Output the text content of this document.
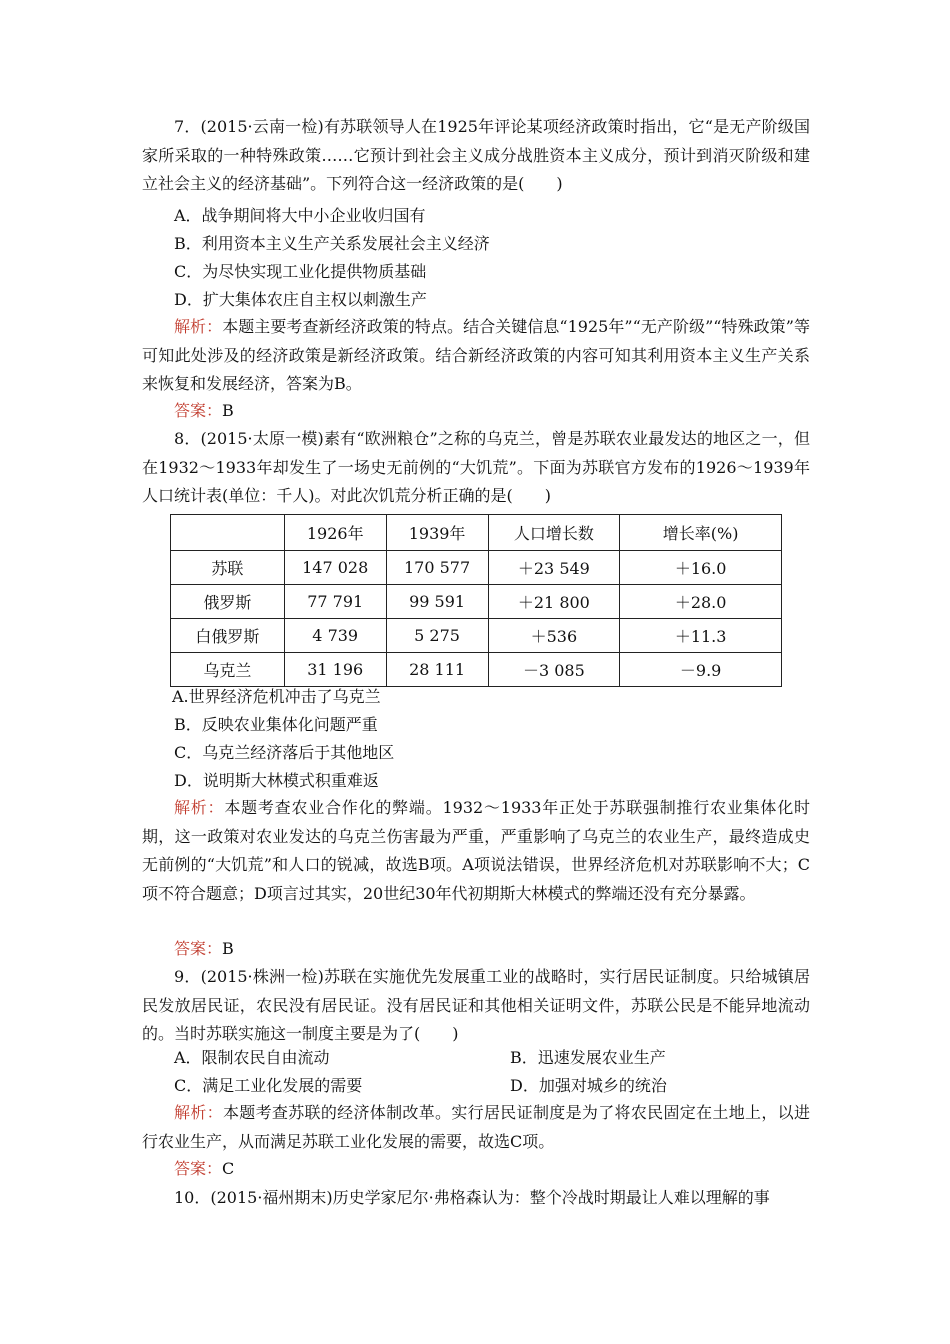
7．(2015·云南一检)有苏联领导人在1925年评论某项经济政策时指出，它“是无产阶级国家所采取的一种特殊政策……它预计到社会主义成分战胜资本主义成分，预计到消灭阶级和建立社会主义的经济基础”。下列符合这一经济政策的是(　　)

A．战争期间将大中小企业收归国有

B．利用资本主义生产关系发展社会主义经济

C．为尽快实现工业化提供物质基础

D．扩大集体农庄自主权以刺激生产

解析：本题主要考查新经济政策的特点。结合关键信息“1925年”“无产阶级”“特殊政策”等可知此处涉及的经济政策是新经济政策。结合新经济政策的内容可知其利用资本主义生产关系来恢复和发展经济，答案为B。

答案：B

8．(2015·太原一模)素有“欧洲粮仓”之称的乌克兰，曾是苏联农业最发达的地区之一，但在1932～1933年却发生了一场史无前例的“大饥荒”。下面为苏联官方发布的1926～1939年人口统计表(单位：千人)。对此次饥荒分析正确的是(　　)

	1926年	1939年	人口增长数	增长率(%)
苏联	147 028	170 577	＋23 549	＋16.0
俄罗斯	77 791	99 591	＋21 800	＋28.0
白俄罗斯	4 739	5 275	＋536	＋11.3
乌克兰	31 196	28 111	－3 085	－9.9

A.世界经济危机冲击了乌克兰

B．反映农业集体化问题严重

C．乌克兰经济落后于其他地区

D．说明斯大林模式积重难返

解析：本题考查农业合作化的弊端。1932～1933年正处于苏联强制推行农业集体化时期，这一政策对农业发达的乌克兰伤害最为严重，严重影响了乌克兰的农业生产，最终造成史无前例的“大饥荒”和人口的锐减，故选B项。A项说法错误，世界经济危机对苏联影响不大；C项不符合题意；D项言过其实，20世纪30年代初期斯大林模式的弊端还没有充分暴露。

答案：B

9．(2015·株洲一检)苏联在实施优先发展重工业的战略时，实行居民证制度。只给城镇居民发放居民证，农民没有居民证。没有居民证和其他相关证明文件，苏联公民是不能异地流动的。当时苏联实施这一制度主要是为了(　　)

A．限制农民自由流动	B．迅速发展农业生产

C．满足工业化发展的需要	D．加强对城乡的统治

解析：本题考查苏联的经济体制改革。实行居民证制度是为了将农民固定在土地上，以进行农业生产，从而满足苏联工业化发展的需要，故选C项。

答案：C

10．(2015·福州期末)历史学家尼尔·弗格森认为：整个冷战时期最让人难以理解的事
